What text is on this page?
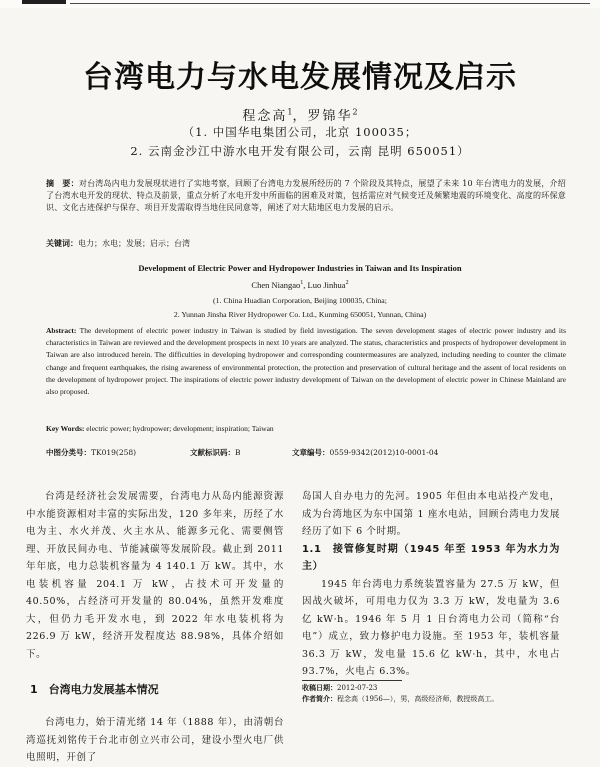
台湾电力与水电发展情况及启示
程念高$^1$，罗锦华$^2$
（1. 中国华电集团公司，北京 100035；
2. 云南金沙江中游水电开发有限公司，云南 昆明 650051）
摘　要：对台湾岛内电力发展现状进行了实地考察，回顾了台湾电力发展所经历的 7 个阶段及其特点，展望了未来 10 年台湾电力的发展，介绍了台湾水电开发的现状、特点及前景，重点分析了水电开发中所面临的困难及对策，包括需应对气候变迁及频繁地震的环境变化、高度的环保意识、文化古迹保护与保存、项目开发需取得当地住民同意等，阐述了对大陆地区电力发展的启示。
关键词：电力；水电；发展；启示；台湾
Development of Electric Power and Hydropower Industries in Taiwan and Its Inspiration
Chen Niangao$^1$, Luo Jinhua$^2$
(1. China Huadian Corporation, Beijing 100035, China;
2. Yunnan Jinsha River Hydropower Co. Ltd., Kunming 650051, Yunnan, China)
Abstract: The development of electric power industry in Taiwan is studied by field investigation. The seven development stages of electric power industry and its characteristics in Taiwan are reviewed and the development prospects in next 10 years are analyzed. The status, characteristics and prospects of hydropower development in Taiwan are also introduced herein. The difficulties in developing hydropower and corresponding countermeasures are analyzed, including needing to counter the climate change and frequent earthquakes, the rising awareness of environmental protection, the protection and preservation of cultural heritage and the assent of local residents on the development of hydropower project. The inspirations of electric power industry development of Taiwan on the development of electric power in Chinese Mainland are also proposed.
Key Words: electric power; hydropower; development; inspiration; Taiwan
中图分类号：TK019(258)	文献标识码：B	文章编号：0559-9342(2012)10-0001-04

台湾是经济社会发展需要，台湾电力从岛内能源资源中水能资源相对丰富的实际出发，120 多年来，历经了水电为主、水火并茂、火主水从、能源多元化、需要侧管理、开放民间办电、节能减碳等发展阶段。截止到 2011 年年底，电力总装机容量为 4 140.1 万 kW。其中，水电装机容量 204.1 万 kW，占技术可开发量的 40.50%，占经济可开发量的 80.04%，虽然开发难度大，但仍力毛开发水电，到 2022 年水电装机将为 226.9 万 kW，经济开发程度达 88.98%，具体介绍如下。

台湾电力，始于清光绪 14 年（1888 年），由清朝台湾巡抚刘铭传于台北市创立兴市公司，建设小型火电厂供电照明，开创了

1　台湾电力发展基本情况

岛国人自办电力的先河。1905 年但由本电站投产发电，成为台湾地区为东中国第 1 座水电站，回顾台湾电力发展经历了如下 6 个时期。

1.1　接管修复时期（1945 年至 1953 年为水力为主）

1945 年台湾电力系统装置容量为 27.5 万 kW，但因战火破坏，可用电力仅为 3.3 万 kW，发电量为 3.6 亿 kW·h。1946 年 5 月 1 日台湾电力公司（简称“台电”）成立，致力修护电力设施。至 1953 年，装机容量 36.3 万 kW，发电量 15.6 亿 kW·h，其中，水电占 93.7%，火电占 6.3%。

收稿日期：2012-07-23
作者简介：程念高（1956—），男，高级经济师，教授级高工。
